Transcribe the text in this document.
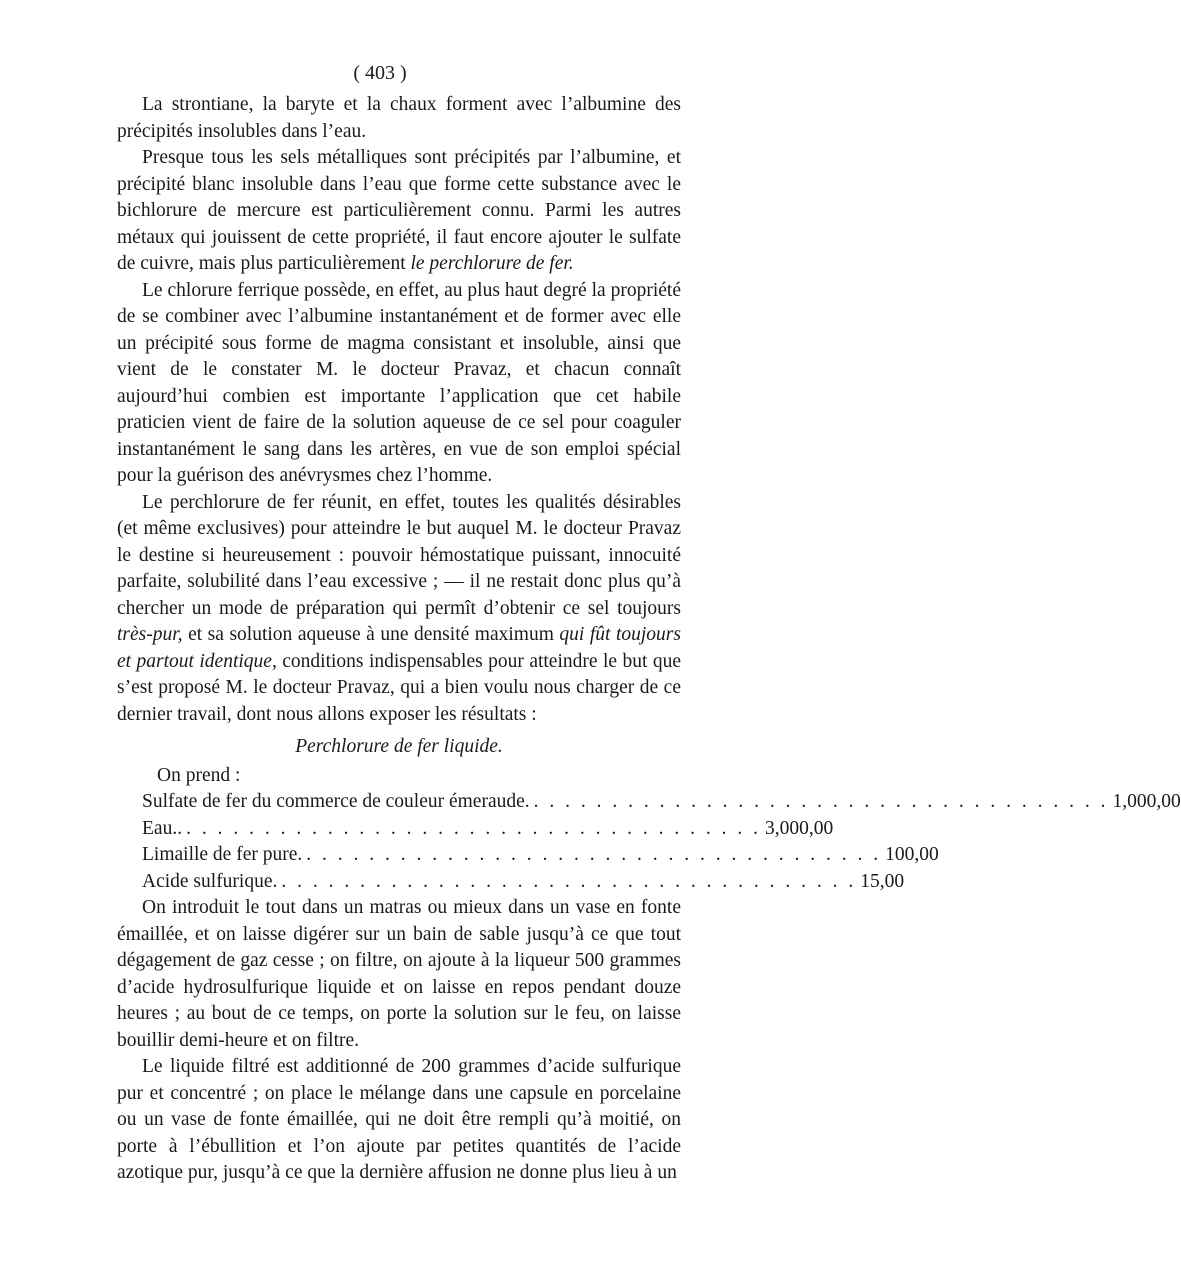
( 403 )

La strontiane, la baryte et la chaux forment avec l’albumine des précipités insolubles dans l’eau.

Presque tous les sels métalliques sont précipités par l’albumine, et précipité blanc insoluble dans l’eau que forme cette substance avec le bichlorure de mercure est particulièrement connu. Parmi les autres métaux qui jouissent de cette propriété, il faut encore ajouter le sulfate de cuivre, mais plus particulièrement le perchlorure de fer.

Le chlorure ferrique possède, en effet, au plus haut degré la propriété de se combiner avec l’albumine instantanément et de former avec elle un précipité sous forme de magma consistant et insoluble, ainsi que vient de le constater M. le docteur Pravaz, et chacun connaît aujourd’hui combien est importante l’application que cet habile praticien vient de faire de la solution aqueuse de ce sel pour coaguler instantanément le sang dans les artères, en vue de son emploi spécial pour la guérison des anévrysmes chez l’homme.

Le perchlorure de fer réunit, en effet, toutes les qualités désirables (et même exclusives) pour atteindre le but auquel M. le docteur Pravaz le destine si heureusement : pouvoir hémostatique puissant, innocuité parfaite, solubilité dans l’eau excessive ; — il ne restait donc plus qu’à chercher un mode de préparation qui permît d’obtenir ce sel toujours très-pur, et sa solution aqueuse à une densité maximum qui fût toujours et partout identique, conditions indispensables pour atteindre le but que s’est proposé M. le docteur Pravaz, qui a bien voulu nous charger de ce dernier travail, dont nous allons exposer les résultats :

Perchlorure de fer liquide.
On prend :
Sulfate de fer du commerce de couleur émeraude. . . . . . . . . . . . . . . . . . . . . . . . . . . . . . . . . . . . . . 1,000,00
Eau.. . . . . . . . . . . . . . . . . . . . . . . . . . . . . . . . . . . . . . 3,000,00
Limaille de fer pure. . . . . . . . . . . . . . . . . . . . . . . . . . . . . . . . . . . . . . 100,00
Acide sulfurique. . . . . . . . . . . . . . . . . . . . . . . . . . . . . . . . . . . . . . 15,00

On introduit le tout dans un matras ou mieux dans un vase en fonte émaillée, et on laisse digérer sur un bain de sable jusqu’à ce que tout dégagement de gaz cesse ; on filtre, on ajoute à la liqueur 500 grammes d’acide hydrosulfurique liquide et on laisse en repos pendant douze heures ; au bout de ce temps, on porte la solution sur le feu, on laisse bouillir demi-heure et on filtre.

Le liquide filtré est additionné de 200 grammes d’acide sulfurique pur et concentré ; on place le mélange dans une capsule en porcelaine ou un vase de fonte émaillée, qui ne doit être rempli qu’à moitié, on porte à l’ébullition et l’on ajoute par petites quantités de l’acide azotique pur, jusqu’à ce que la dernière affusion ne donne plus lieu à un
